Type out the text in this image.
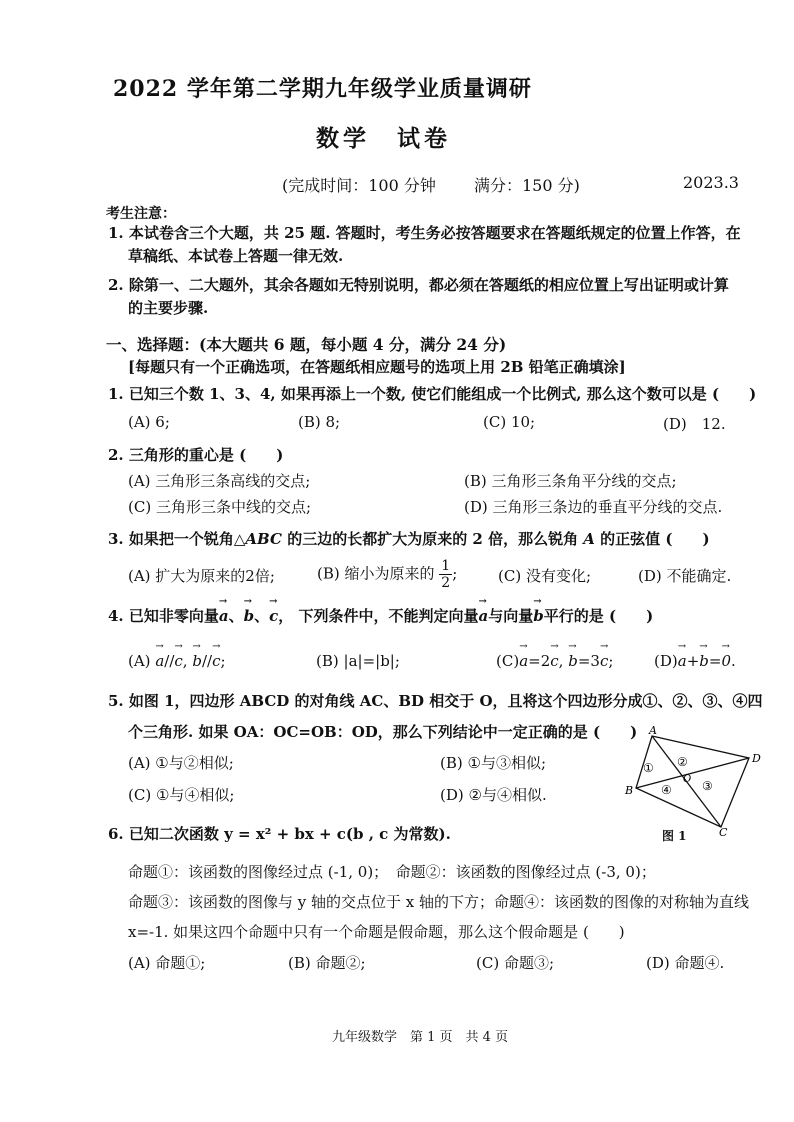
2022 学年第二学期九年级学业质量调研
数学　试卷
(完成时间：100 分钟 满分：150 分)	2023.3
考生注意：
1. 本试卷含三个大题，共 25 题. 答题时，考生务必按答题要求在答题纸规定的位置上作答，在
草稿纸、本试卷上答题一律无效.
2. 除第一、二大题外，其余各题如无特别说明，都必须在答题纸的相应位置上写出证明或计算
的主要步骤.
一、选择题：(本大题共 6 题，每小题 4 分，满分 24 分)
[每题只有一个正确选项，在答题纸相应题号的选项上用 2B 铅笔正确填涂]
1. 已知三个数 1、3、4, 如果再添上一个数, 使它们能组成一个比例式, 那么这个数可以是 (　　)
(A) 6;	(B) 8;	(C) 10;	(D)　12.
2. 三角形的重心是 (　　)
(A) 三角形三条高线的交点;	(B) 三角形三条角平分线的交点;
(C) 三角形三条中线的交点;	(D) 三角形三条边的垂直平分线的交点.
3. 如果把一个锐角△ABC 的三边的长都扩大为原来的 2 倍，那么锐角 A 的正弦值 (　　)
(A) 扩大为原来的2倍;	(B) 缩小为原来的 $\frac{1}{2}$ ;	(C) 没有变化;	(D) 不能确定.
4. 已知非零向量→ a、→ b、→ c， 下列条件中，不能判定向量→ a与向量→ b平行的是 (　　)
(A) → a//→ c, → b//→ c;	(B) |a|=|b|;	(C)→ a=2→ c, → b=3→ c;	(D)→ a+→ b=→ 0.
5. 如图 1，四边形 ABCD 的对角线 AC、BD 相交于 O，且将这个四边形分成①、②、③、④四
个三角形. 如果 OA：OC=OB：OD，那么下列结论中一定正确的是 (　　)
(A) ①与②相似;	(B) ①与③相似;
(C) ①与④相似;	(D) ②与④相似.
A
D
B
C
O
① ②
③
④
图 1
6. 已知二次函数 y = x² + bx + c(b , c 为常数).
命题①：该函数的图像经过点 (-1, 0)；　命题②：该函数的图像经过点 (-3, 0)；
命题③：该函数的图像与 y 轴的交点位于 x 轴的下方；命题④：该函数的图像的对称轴为直线
x=-1. 如果这四个命题中只有一个命题是假命题，那么这个假命题是 (　　)
(A) 命题①;	(B) 命题②;	(C) 命题③;	(D) 命题④.
九年级数学　第 1 页　共 4 页
